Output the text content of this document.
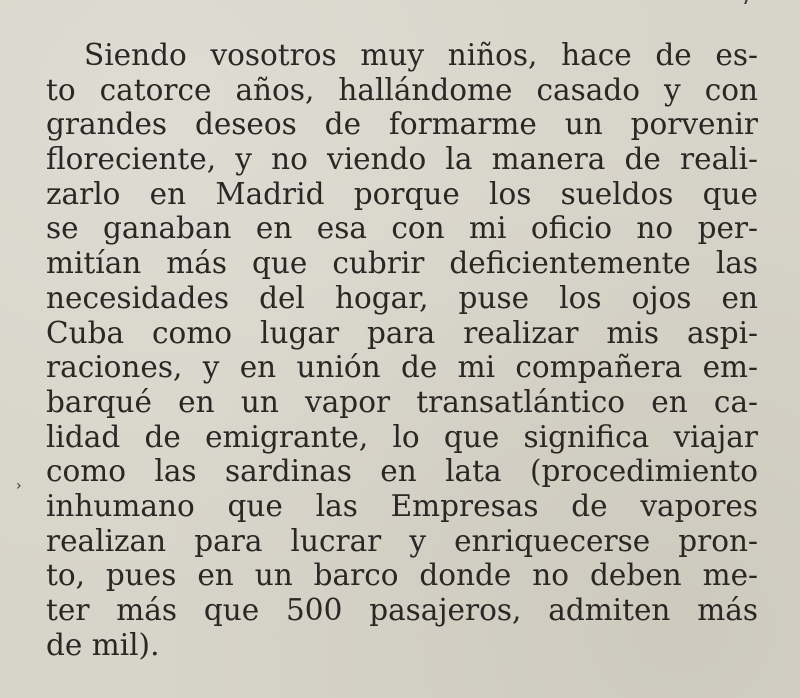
›
Siendo vosotros muy niños, hace de es-
to catorce años, hallándome casado y con
grandes deseos de formarme un porvenir
floreciente, y no viendo la manera de reali-
zarlo en Madrid porque los sueldos que
se ganaban en esa con mi oficio no per-
mitían más que cubrir deficientemente las
necesidades del hogar, puse los ojos en
Cuba como lugar para realizar mis aspi-
raciones, y en unión de mi compañera em-
barqué en un vapor transatlántico en ca-
lidad de emigrante, lo que significa viajar
como las sardinas en lata (procedimiento
inhumano que las Empresas de vapores
realizan para lucrar y enriquecerse pron-
to, pues en un barco donde no deben me-
ter más que 500 pasajeros, admiten más
de mil).
